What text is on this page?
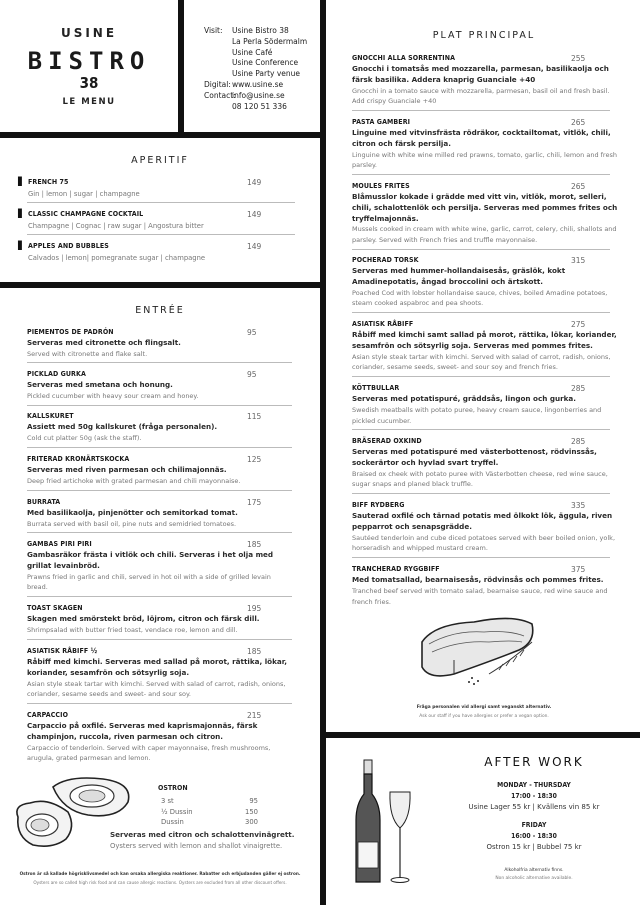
USINE
BISTRO
38
LE MENU
Visit:	Usine Bistro 38
La Perla Södermalm
Usine Café
Usine Conference
Usine Party venue
Digital: www.usine.se
Contact:
info@usine.se
08 120 51 336
APERITIF
▋ FRENCH 75	149
Gin | lemon | sugar | champagne
▋ CLASSIC CHAMPAGNE COCKTAIL	149
Champagne | Cognac | raw sugar | Angostura bitter
▋ APPLES AND BUBBLES	149
Calvados | lemon| pomegranate sugar | champagne
ENTRÉE
PIEMENTOS DE PADRÓN	95
Serveras med citronette och flingsalt.
Served with citronette and flake salt.
PICKLAD GURKA	95
Serveras med smetana och honung.
Pickled cucumber with heavy sour cream and honey.
KALLSKURET	115
Assiett med 50g kallskuret (fråga personalen).
Cold cut platter 50g (ask the staff).
FRITERAD KRONÄRTSKOCKA	125
Serveras med riven parmesan och chilimajonnäs.
Deep fried artichoke with grated parmesan and chili mayonnaise.
BURRATA	175
Med basilikaolja, pinjenötter och semitorkad tomat.
Burrata served with basil oil, pine nuts and semidried tomatoes.
GAMBAS PIRI PIRI	185
Gambasräkor frästa i vitlök och chili. Serveras i het olja med grillat levainbröd.
Prawns fried in garlic and chili, served in hot oil with a side of grilled levain bread.
TOAST SKAGEN	195
Skagen med smörstekt bröd, löjrom, citron och färsk dill.
Shrimpsalad with butter fried toast, vendace roe, lemon and dill.
ASIATISK RÅBIFF ½	185
Råbiff med kimchi. Serveras med sallad på morot, rättika, lökar, koriander, sesamfrön och sötsyrlig soja.
Asian style steak tartar with kimchi. Served with salad of carrot, radish, onions, coriander, sesame seeds and sweet- and sour soy.
CARPACCIO	215
Carpaccio på oxfilé. Serveras med kaprismajonnäs, färsk champinjon, ruccola, riven parmesan och citron.
Carpaccio of tenderloin. Served with caper mayonnaise, fresh mushrooms, arugula, grated parmesan and lemon.
OSTRON
3 st	95
½ Dussin	150
Dussin	300
Serveras med citron och schalottenvinägrett.
Oysters served with lemon and shallot vinaigrette.
Ostron är så kallade högrisklivsmedel och kan orsaka allergiska reaktioner. Rabatter och erbjudanden gäller ej ostron.
Oysters are so called high risk food and can cause allergic reactions. Oysters are excluded from all other discount offers.
PLAT PRINCIPAL
GNOCCHI ALLA SORRENTINA	255
Gnocchi i tomatsås med mozzarella, parmesan, basilikaolja och färsk basilika. Addera knaprig Guanciale +40
Gnocchi in a tomato sauce with mozzarella, parmesan, basil oil and fresh basil. Add crispy Guanciale +40
PASTA GAMBERI	265
Linguine med vitvinsfrästa rödräkor, cocktailtomat, vitlök, chili, citron och färsk persilja.
Linguine with white wine milled red prawns, tomato, garlic, chili, lemon and fresh parsley.
MOULES FRITES	265
Blåmusslor kokade i grädde med vitt vin, vitlök, morot, selleri, chili, schalottenlök och persilja. Serveras med pommes frites och tryffelmajonnäs.
Mussels cooked in cream with white wine, garlic, carrot, celery, chili, shallots and parsley. Served with French fries and truffle mayonnaise.
POCHERAD TORSK	315
Serveras med hummer-hollandaisesås, gräslök, kokt Amadinepotatis, ångad broccolini och ärtskott.
Poached Cod with lobster hollandaise sauce, chives, boiled Amadine potatoes, steam cooked aspabroc and pea shoots.
ASIATISK RÅBIFF	275
Råbiff med kimchi samt sallad på morot, rättika, lökar, koriander, sesamfrön och sötsyrlig soja. Serveras med pommes frites.
Asian style steak tartar with kimchi. Served with salad of carrot, radish, onions, coriander, sesame seeds, sweet- and sour soy and french fries.
KÖTTBULLAR	285
Serveras med potatispuré, gräddsås, lingon och gurka.
Swedish meatballs with potato puree, heavy cream sauce, lingonberries and pickled cucumber.
BRÄSERAD OXKIND	285
Serveras med potatispuré med västerbottenost, rödvinssås, sockerärtor och hyvlad svart tryffel.
Braised ox cheek with potato puree with Västerbotten cheese, red wine sauce, sugar snaps and planed black truffle.
BIFF RYDBERG	335
Sauterad oxfilé och tärnad potatis med ölkokt lök, äggula, riven pepparrot och senapsgrädde.
Sautéed tenderloin and cube diced potatoes served with beer boiled onion, yolk, horseradish and whipped mustard cream.
TRANCHERAD RYGGBIFF	375
Med tomatsallad, bearnaisesås, rödvinsås och pommes frites.
Tranched beef served with tomato salad, bearnaise sauce, red wine sauce and french fries.
Fråga personalen vid allergi samt veganskt alternativ.
Ask our staff if you have allergies or prefer a vegan option.
AFTER WORK
MONDAY - THURSDAY
17:00 - 18:30
Usine Lager 55 kr | Kvällens vin 85 kr
FRIDAY
16:00 - 18:30
Ostron 15 kr | Bubbel 75 kr
Alkoholfria alternativ finns.
Non alcoholic alternative available.
